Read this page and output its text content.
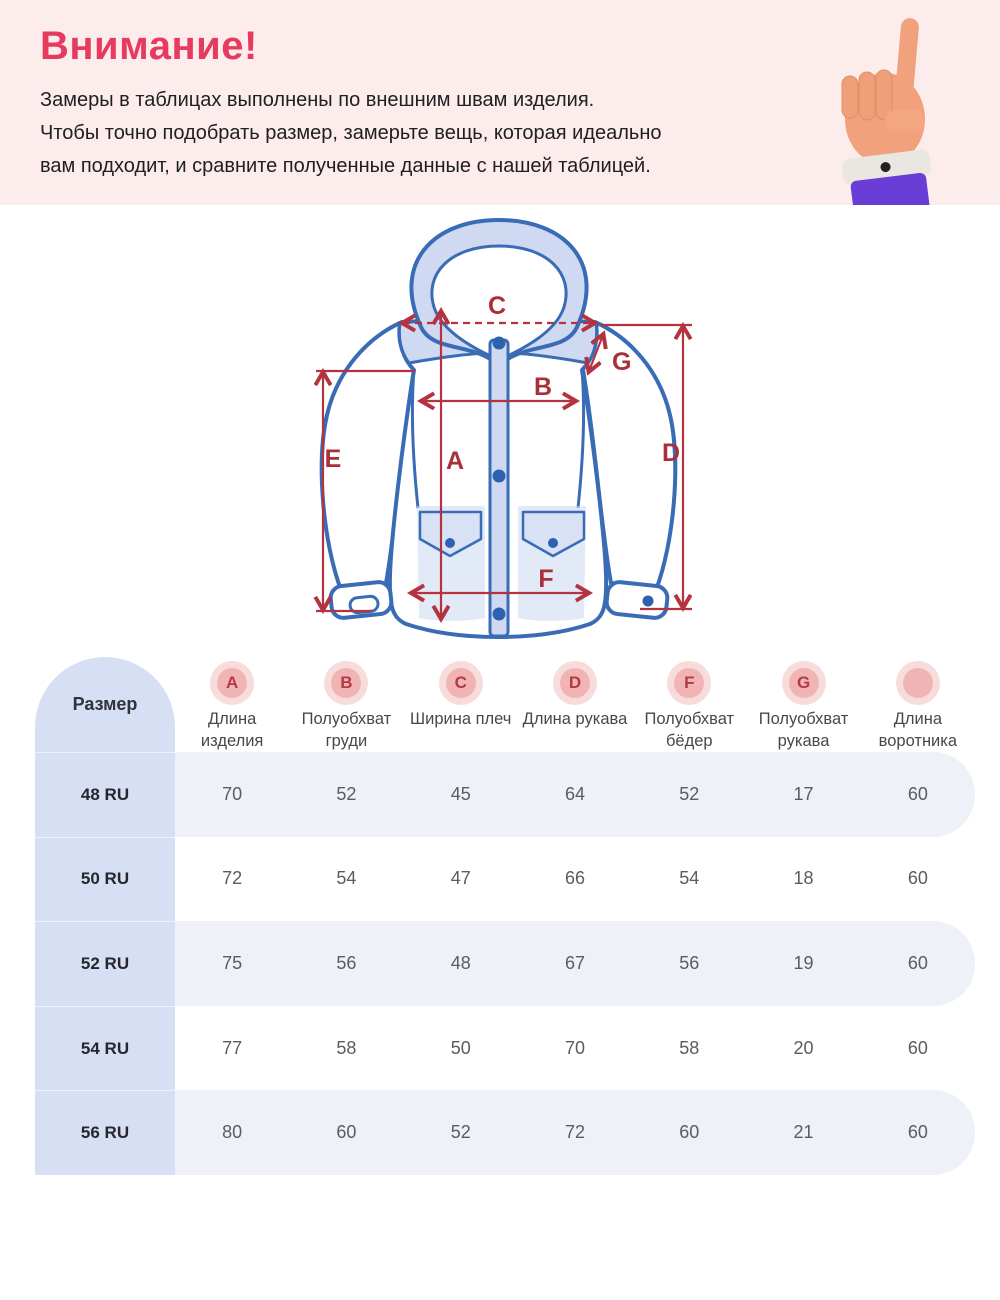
Внимание!
Замеры в таблицах выполнены по внешним швам изделия.
Чтобы точно подобрать размер, замерьте вещь, которая идеально
вам подходит, и сравните полученные данные с нашей таблицей.
C
A
B
D
E
F
G
Размер
A
Длина изделия
B
Полуобхват груди
C
Ширина плеч
D
Длина рукава
F
Полуобхват бёдер
G
Полуобхват рукава
Длина воротника
48 RU	70	52	45	64	52	17	60
50 RU	72	54	47	66	54	18	60
52 RU	75	56	48	67	56	19	60
54 RU	77	58	50	70	58	20	60
56 RU	80	60	52	72	60	21	60
